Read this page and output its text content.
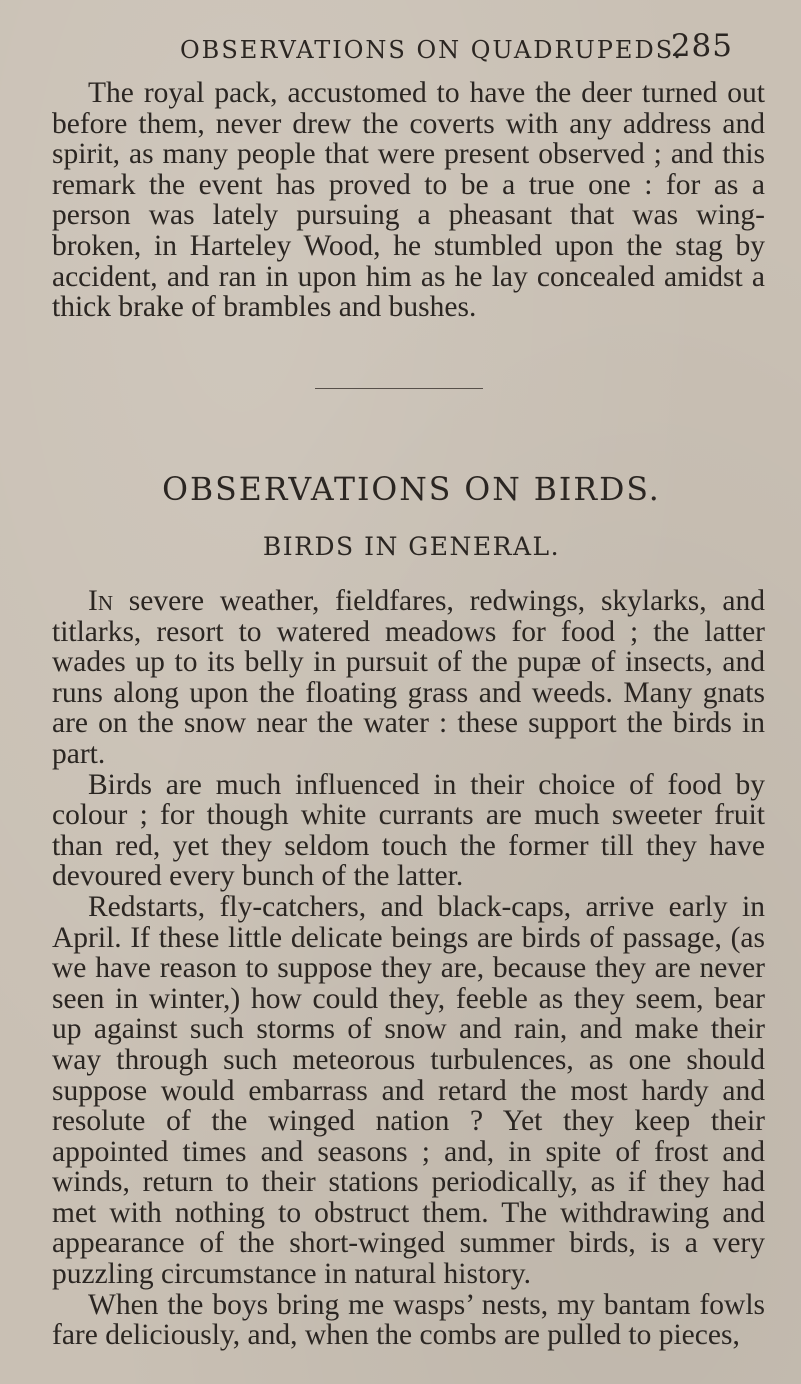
OBSERVATIONS ON QUADRUPEDS.
285

The royal pack, accustomed to have the deer turned out before them, never drew the coverts with any address and spirit, as many people that were present observed ; and this remark the event has proved to be a true one : for as a person was lately pursuing a pheasant that was wing-broken, in Harteley Wood, he stumbled upon the stag by accident, and ran in upon him as he lay concealed amidst a thick brake of brambles and bushes.

OBSERVATIONS ON BIRDS.
BIRDS IN GENERAL.

In severe weather, fieldfares, redwings, skylarks, and titlarks, resort to watered meadows for food ; the latter wades up to its belly in pursuit of the pupæ of insects, and runs along upon the floating grass and weeds. Many gnats are on the snow near the water : these support the birds in part.

Birds are much influenced in their choice of food by colour ; for though white currants are much sweeter fruit than red, yet they seldom touch the former till they have devoured every bunch of the latter.

Redstarts, fly-catchers, and black-caps, arrive early in April. If these little delicate beings are birds of passage, (as we have reason to suppose they are, because they are never seen in winter,) how could they, feeble as they seem, bear up against such storms of snow and rain, and make their way through such meteorous turbulences, as one should suppose would embarrass and retard the most hardy and resolute of the winged nation ? Yet they keep their appointed times and seasons ; and, in spite of frost and winds, return to their stations periodically, as if they had met with nothing to obstruct them. The withdrawing and appearance of the short-winged summer birds, is a very puzzling circumstance in natural history.

When the boys bring me wasps’ nests, my bantam fowls fare deliciously, and, when the combs are pulled to pieces,
